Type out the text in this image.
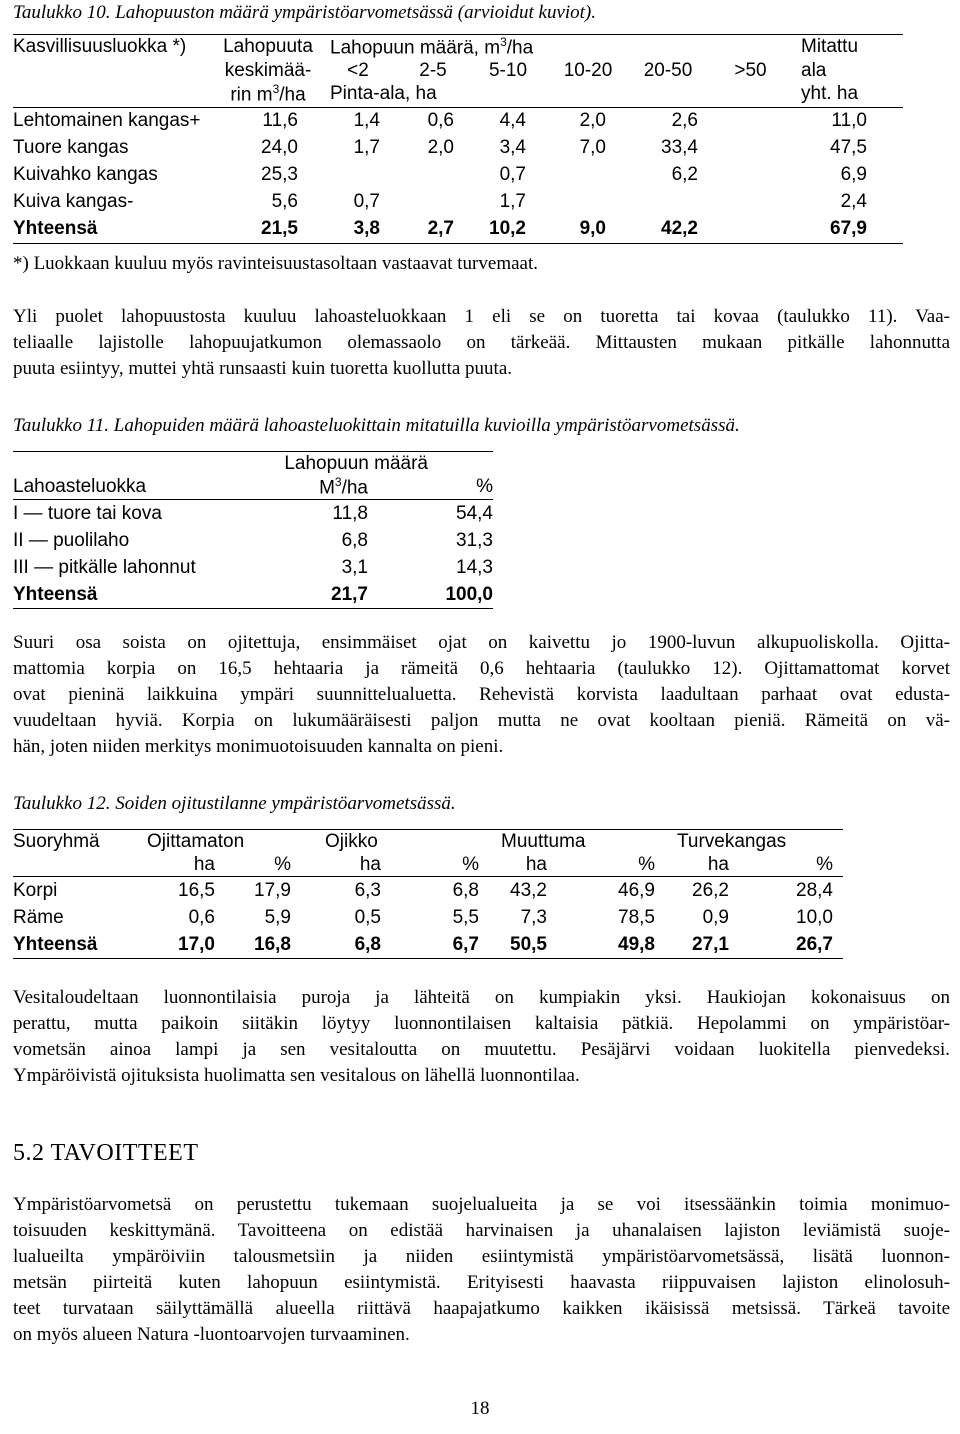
Taulukko 10. Lahopuuston määrä ympäristöarvometsässä (arvioidut kuviot).
Kasvillisuusluokka *)	Lahopuuta	Lahopuun määrä, $m^3/ha$						Mitattu
	keskimää-	<2	2-5	5-10	10-20	20-50	>50	ala
	rin $m^3/ha$	Pinta-ala, ha						yht. ha
Lehtomainen kangas+	11,6	1,4	0,6	4,4	2,0	2,6		11,0
Tuore kangas	24,0	1,7	2,0	3,4	7,0	33,4		47,5
Kuivahko kangas	25,3			0,7		6,2		6,9
Kuiva kangas-	5,6	0,7		1,7				2,4
Yhteensä	21,5	3,8	2,7	10,2	9,0	42,2		67,9
*) Luokkaan kuuluu myös ravinteisuustasoltaan vastaavat turvemaat.
Yli puolet lahopuustosta kuuluu lahoasteluokkaan 1 eli se on tuoretta tai kovaa (taulukko 11). Vaa-
teliaalle lajistolle lahopuujatkumon olemassaolo on tärkeää. Mittausten mukaan pitkälle lahonnutta
puuta esiintyy, muttei yhtä runsaasti kuin tuoretta kuollutta puuta.
Taulukko 11. Lahopuiden määrä lahoasteluokittain mitatuilla kuvioilla ympäristöarvometsässä.
	Lahopuun määrä	
Lahoasteluokka	$M^3/ha$	%
I — tuore tai kova	11,8	54,4
II — puolilaho	6,8	31,3
III — pitkälle lahonnut	3,1	14,3
Yhteensä	21,7	100,0
Suuri osa soista on ojitettuja, ensimmäiset ojat on kaivettu jo 1900-luvun alkupuoliskolla. Ojitta-
mattomia korpia on 16,5 hehtaaria ja rämeitä 0,6 hehtaaria (taulukko 12). Ojittamattomat korvet
ovat pieninä laikkuina ympäri suunnittelualuetta. Rehevistä korvista laadultaan parhaat ovat edusta-
vuudeltaan hyviä. Korpia on lukumääräisesti paljon mutta ne ovat kooltaan pieniä. Rämeitä on vä-
hän, joten niiden merkitys monimuotoisuuden kannalta on pieni.
Taulukko 12. Soiden ojitustilanne ympäristöarvometsässä.
Suoryhmä	Ojittamaton		Ojikko		Muuttuma		Turvekangas	
	ha	%	ha	%	ha	%	ha	%
Korpi	16,5	17,9	6,3	6,8	43,2	46,9	26,2	28,4
Räme	0,6	5,9	0,5	5,5	7,3	78,5	0,9	10,0
Yhteensä	17,0	16,8	6,8	6,7	50,5	49,8	27,1	26,7
Vesitaloudeltaan luonnontilaisia puroja ja lähteitä on kumpiakin yksi. Haukiojan kokonaisuus on
perattu, mutta paikoin siitäkin löytyy luonnontilaisen kaltaisia pätkiä. Hepolammi on ympäristöar-
vometsän ainoa lampi ja sen vesitaloutta on muutettu. Pesäjärvi voidaan luokitella pienvedeksi.
Ympäröivistä ojituksista huolimatta sen vesitalous on lähellä luonnontilaa.
5.2 TAVOITTEET
Ympäristöarvometsä on perustettu tukemaan suojelualueita ja se voi itsessäänkin toimia monimuo-
toisuuden keskittymänä. Tavoitteena on edistää harvinaisen ja uhanalaisen lajiston leviämistä suoje-
lualueilta ympäröiviin talousmetsiin ja niiden esiintymistä ympäristöarvometsässä, lisätä luonnon-
metsän piirteitä kuten lahopuun esiintymistä. Erityisesti haavasta riippuvaisen lajiston elinolosuh-
teet turvataan säilyttämällä alueella riittävä haapajatkumo kaikken ikäisissä metsissä. Tärkeä tavoite
on myös alueen Natura -luontoarvojen turvaaminen.
18
